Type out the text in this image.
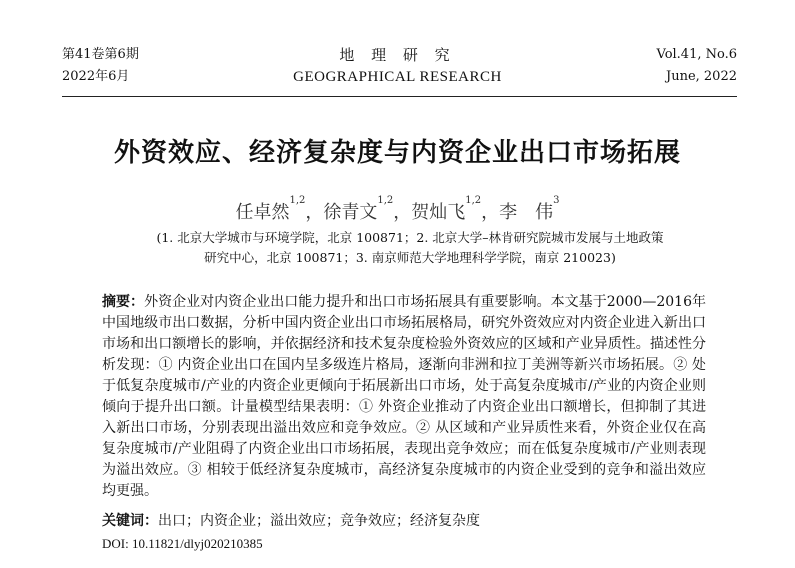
第41卷第6期
2022年6月
地 理 研 究
GEOGRAPHICAL RESEARCH
Vol.41, No.6
June, 2022
外资效应、经济复杂度与内资企业出口市场拓展
任卓然$^{1,2}$，徐青文$^{1,2}$，贺灿飞$^{1,2}$，李　伟$^3$
(1. 北京大学城市与环境学院，北京 100871；2. 北京大学–林肯研究院城市发展与土地政策
研究中心，北京 100871；3. 南京师范大学地理科学学院，南京 210023)
摘要：外资企业对内资企业出口能力提升和出口市场拓展具有重要影响。本文基于2000—2016年中国地级市出口数据，分析中国内资企业出口市场拓展格局，研究外资效应对内资企业进入新出口市场和出口额增长的影响，并依据经济和技术复杂度检验外资效应的区域和产业异质性。描述性分析发现：① 内资企业出口在国内呈多级连片格局，逐渐向非洲和拉丁美洲等新兴市场拓展。② 处于低复杂度城市/产业的内资企业更倾向于拓展新出口市场，处于高复杂度城市/产业的内资企业则倾向于提升出口额。计量模型结果表明：① 外资企业推动了内资企业出口额增长，但抑制了其进入新出口市场，分别表现出溢出效应和竞争效应。② 从区域和产业异质性来看，外资企业仅在高复杂度城市/产业阻碍了内资企业出口市场拓展，表现出竞争效应；而在低复杂度城市/产业则表现为溢出效应。③ 相较于低经济复杂度城市，高经济复杂度城市的内资企业受到的竞争和溢出效应均更强。
关键词：出口；内资企业；溢出效应；竞争效应；经济复杂度
DOI: 10.11821/dlyj020210385
